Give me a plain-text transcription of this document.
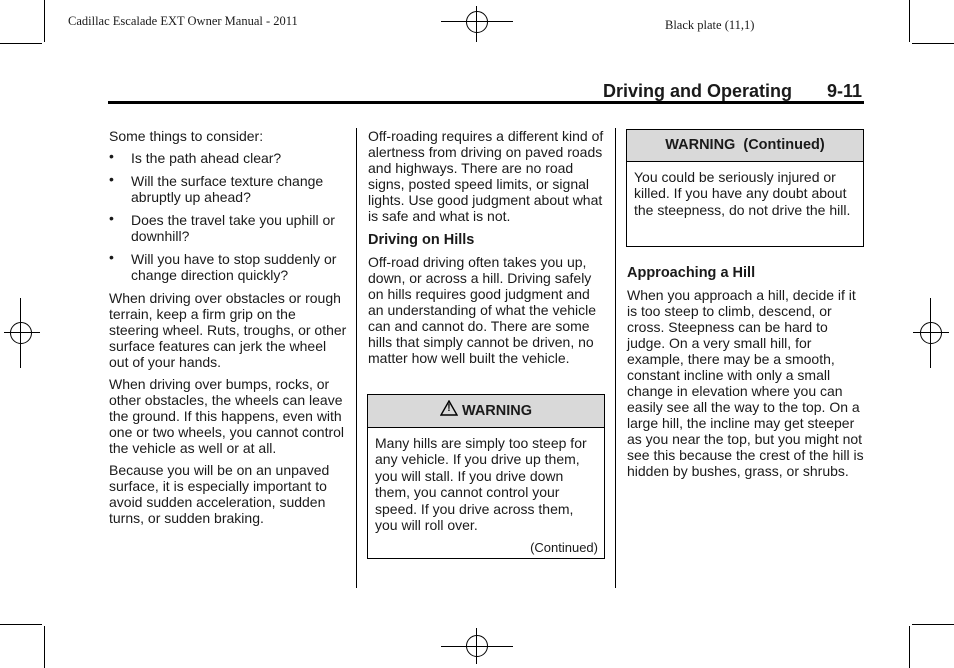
Cadillac Escalade EXT Owner Manual - 2011	Black plate (11,1)
Driving and Operating 9-11

Some things to consider:

• Is the path ahead clear?
• Will the surface texture change abruptly up ahead?
• Does the travel take you uphill or downhill?
• Will you have to stop suddenly or change direction quickly?

When driving over obstacles or rough terrain, keep a firm grip on the steering wheel. Ruts, troughs, or other surface features can jerk the wheel out of your hands.

When driving over bumps, rocks, or other obstacles, the wheels can leave the ground. If this happens, even with one or two wheels, you cannot control the vehicle as well or at all.

Because you will be on an unpaved surface, it is especially important to avoid sudden acceleration, sudden turns, or sudden braking.

Off-roading requires a different kind of alertness from driving on paved roads and highways. There are no road signs, posted speed limits, or signal lights. Use good judgment about what is safe and what is not.

Driving on Hills

Off-road driving often takes you up, down, or across a hill. Driving safely on hills requires good judgment and an understanding of what the vehicle can and cannot do. There are some hills that simply cannot be driven, no matter how well built the vehicle.

! WARNING
Many hills are simply too steep for any vehicle. If you drive up them, you will stall. If you drive down them, you cannot control your speed. If you drive across them, you will roll over.
(Continued)
WARNING  (Continued)
You could be seriously injured or killed. If you have any doubt about the steepness, do not drive the hill.
Approaching a Hill

When you approach a hill, decide if it is too steep to climb, descend, or cross. Steepness can be hard to judge. On a very small hill, for example, there may be a smooth, constant incline with only a small change in elevation where you can easily see all the way to the top. On a large hill, the incline may get steeper as you near the top, but you might not see this because the crest of the hill is hidden by bushes, grass, or shrubs.
